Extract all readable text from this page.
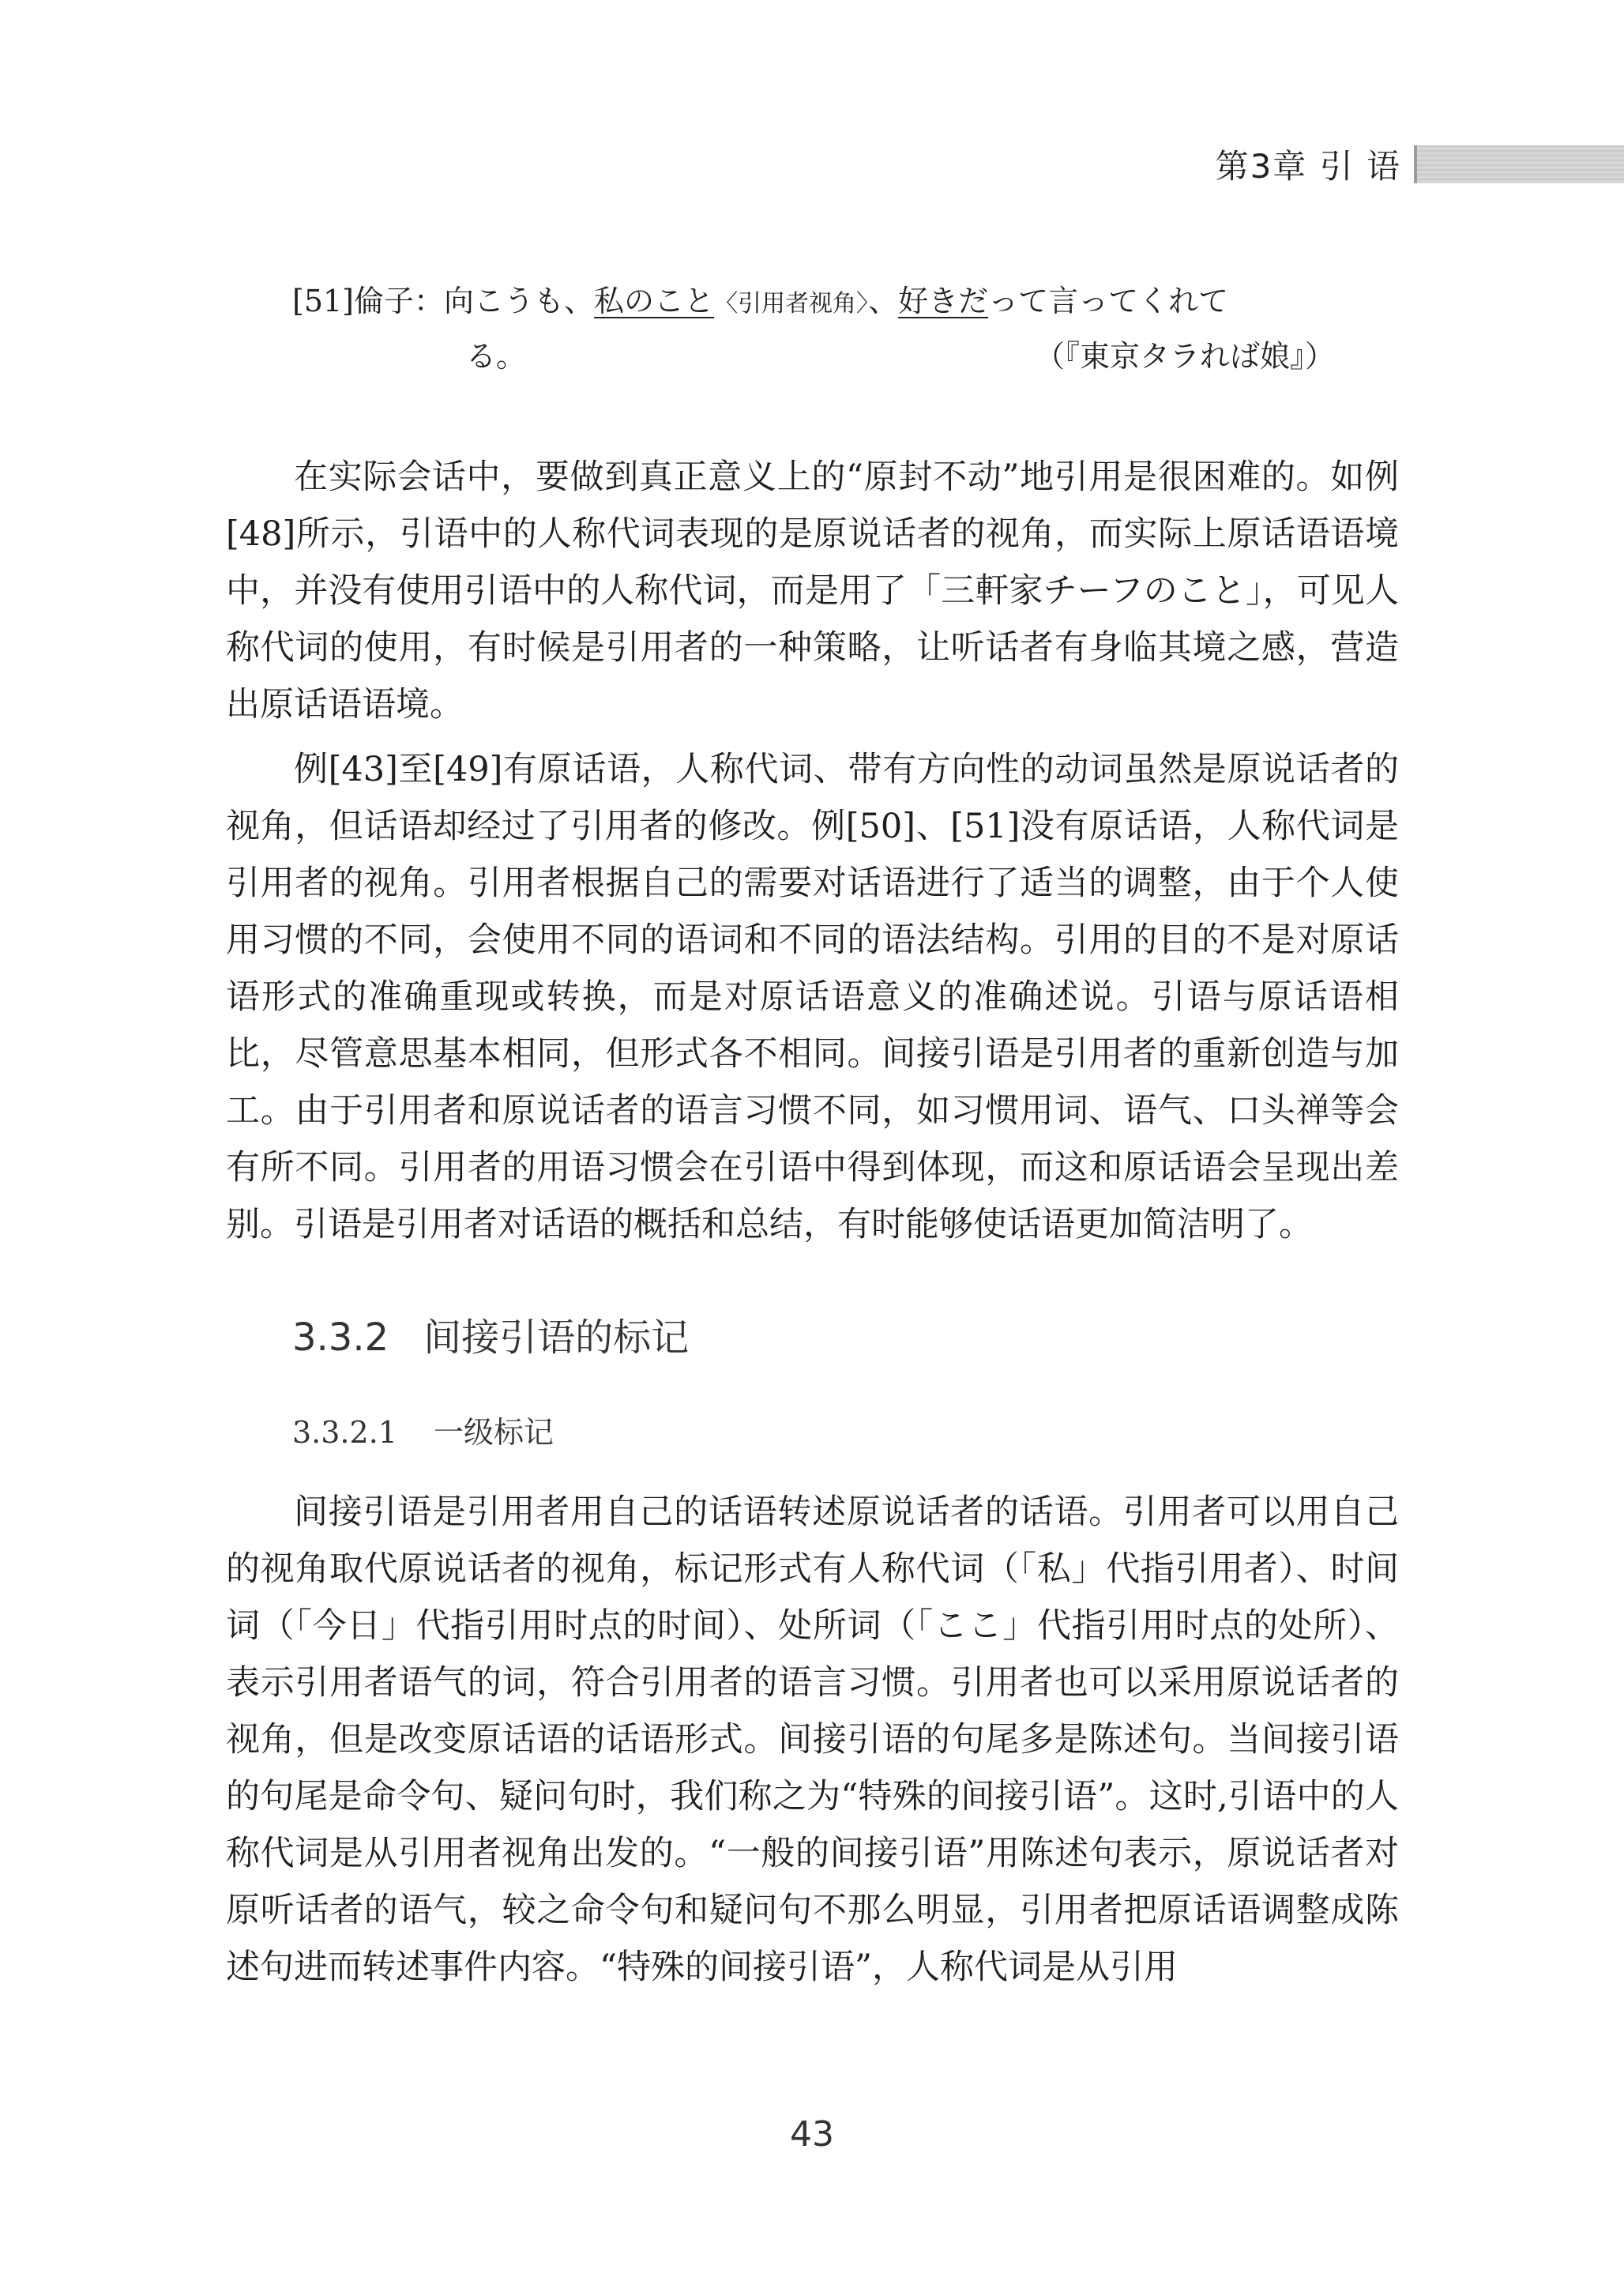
第3章 引 语
[51]倫子：向こうも、私のこと〈引用者视角〉、好きだって言ってくれて
る。	（『東京タラれば娘』）

在实际会话中，要做到真正意义上的“原封不动”地引用是很困难的。如例[48]所示，引语中的人称代词表现的是原说话者的视角，而实际上原话语语境中，并没有使用引语中的人称代词，而是用了「三軒家チーフのこと」，可见人称代词的使用，有时候是引用者的一种策略，让听话者有身临其境之感，营造出原话语语境。

例[43]至[49]有原话语，人称代词、带有方向性的动词虽然是原说话者的视角，但话语却经过了引用者的修改。例[50]、[51]没有原话语，人称代词是引用者的视角。引用者根据自己的需要对话语进行了适当的调整，由于个人使用习惯的不同，会使用不同的语词和不同的语法结构。引用的目的不是对原话语形式的准确重现或转换，而是对原话语意义的准确述说。引语与原话语相比，尽管意思基本相同，但形式各不相同。间接引语是引用者的重新创造与加工。由于引用者和原说话者的语言习惯不同，如习惯用词、语气、口头禅等会有所不同。引用者的用语习惯会在引语中得到体现，而这和原话语会呈现出差别。引语是引用者对话语的概括和总结，有时能够使话语更加简洁明了。

3.3.2 间接引语的标记
3.3.2.1 一级标记

间接引语是引用者用自己的话语转述原说话者的话语。引用者可以用自己的视角取代原说话者的视角，标记形式有人称代词（「私」代指引用者）、时间词（「今日」代指引用时点的时间）、处所词（「ここ」代指引用时点的处所）、表示引用者语气的词，符合引用者的语言习惯。引用者也可以采用原说话者的视角，但是改变原话语的话语形式。间接引语的句尾多是陈述句。当间接引语的句尾是命令句、疑问句时，我们称之为“特殊的间接引语”。这时,引语中的人称代词是从引用者视角出发的。“一般的间接引语”用陈述句表示，原说话者对原听话者的语气，较之命令句和疑问句不那么明显，引用者把原话语调整成陈述句进而转述事件内容。“特殊的间接引语”，人称代词是从引用

43
